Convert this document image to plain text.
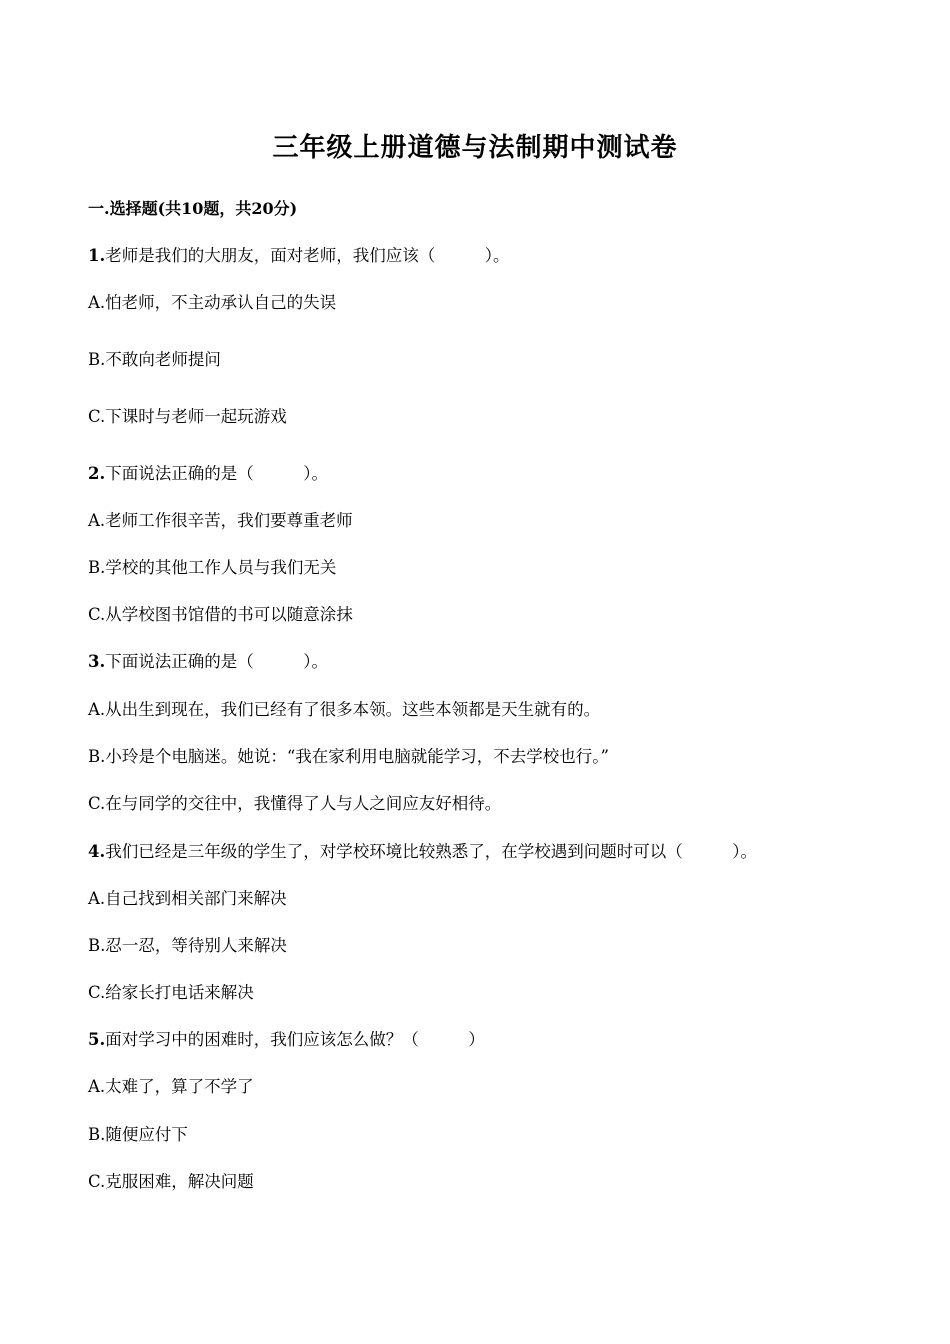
三年级上册道德与法制期中测试卷
一.选择题(共10题，共20分)
1.老师是我们的大朋友，面对老师，我们应该（　　　）。
A.怕老师，不主动承认自己的失误
B.不敢向老师提问
C.下课时与老师一起玩游戏
2.下面说法正确的是（　　　）。
A.老师工作很辛苦，我们要尊重老师
B.学校的其他工作人员与我们无关
C.从学校图书馆借的书可以随意涂抹
3.下面说法正确的是（　　　）。
A.从出生到现在，我们已经有了很多本领。这些本领都是天生就有的。
B.小玲是个电脑迷。她说：“我在家利用电脑就能学习，不去学校也行。”
C.在与同学的交往中，我懂得了人与人之间应友好相待。
4.我们已经是三年级的学生了，对学校环境比较熟悉了，在学校遇到问题时可以（　　　）。
A.自己找到相关部门来解决
B.忍一忍，等待别人来解决
C.给家长打电话来解决
5.面对学习中的困难时，我们应该怎么做？（　　　）
A.太难了，算了不学了
B.随便应付下
C.克服困难，解决问题
